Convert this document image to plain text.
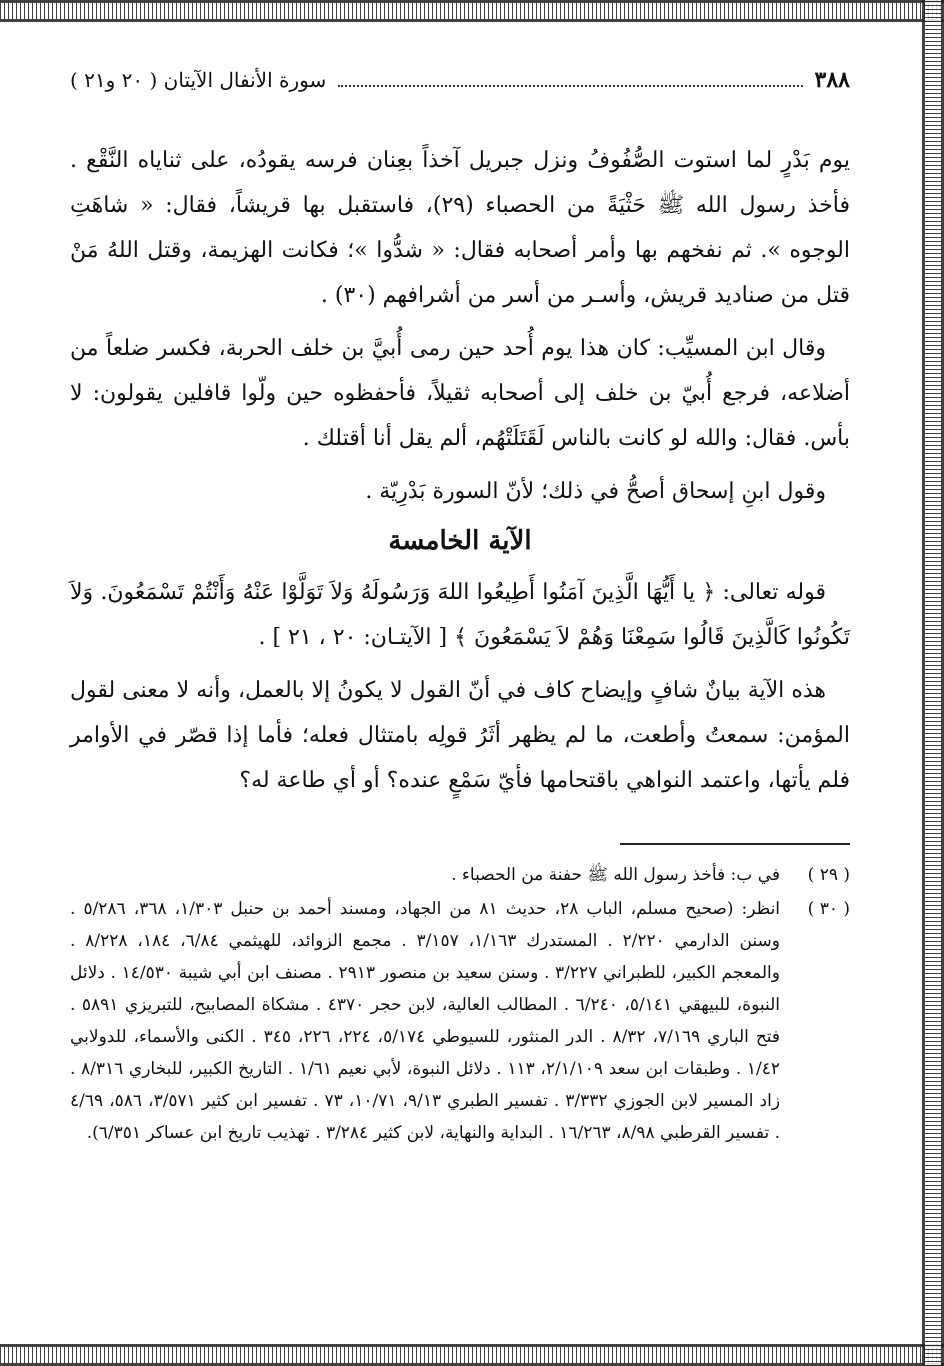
٣٨٨
سورة الأنفال الآيتان ( ٢٠ و٢١ )

يوم بَدْرٍ لما استوت الصُّفُوفُ ونزل جبريل آخذاً بعِنان فرسه يقودُه، على ثناياه النَّقْع . فأخذ رسول الله ﷺ حَثْيَةً من الحصباء (٢٩)، فاستقبل بها قريشاً، فقال: « شاهَتِ الوجوه ». ثم نفخهم بها وأمر أصحابه فقال: « شدُّوا »؛ فكانت الهزيمة، وقتل اللهُ مَنْ قتل من صناديد قريش، وأسـر من أسر من أشرافهم (٣٠) .

وقال ابن المسيِّب: كان هذا يوم أُحد حين رمى أُبيَّ بن خلف الحربة، فكسر ضلعاً من أضلاعه، فرجع أُبيّ بن خلف إلى أصحابه ثقيلاً، فأحفظوه حين ولّوا قافلين يقولون: لا بأس. فقال: والله لو كانت بالناس لَقَتَلَتْهُم، ألم يقل أنا أقتلك .

وقول ابنِ إسحاق أصحُّ في ذلك؛ لأنّ السورة بَدْرِيّة .

الآية الخامسة

قوله تعالى: ﴿ يا أَيُّهَا الَّذِينَ آمَنُوا أَطِيعُوا اللهَ وَرَسُولَهُ وَلاَ تَوَلَّوْا عَنْهُ وَأَنْتُمْ تَسْمَعُونَ. وَلاَ تَكُونُوا كَالَّذِينَ قَالُوا سَمِعْنَا وَهُمْ لاَ يَسْمَعُونَ ﴾ [ الآيتـان: ٢٠ ، ٢١ ] .

هذه الآية بيانٌ شافٍ وإيضاح كاف في أنّ القول لا يكونُ إلا بالعمل، وأنه لا معنى لقول المؤمن: سمعتُ وأطعت، ما لم يظهر أثَرُ قولِه بامتثال فعله؛ فأما إذا قصّر في الأوامر فلم يأتها، واعتمد النواهي باقتحامها فأيّ سَمْعٍ عنده؟ أو أي طاعة له؟

( ٢٩ )
في ب: فأخذ رسول الله ﷺ حفنة من الحصباء .
( ٣٠ )
انظر: (صحيح مسلم، الباب ٢٨، حديث ٨١ من الجهاد، ومسند أحمد بن حنبل ١/٣٠٣، ٣٦٨، ٥/٢٨٦ . وسنن الدارمي ٢/٢٢٠ . المستدرك ١/١٦٣، ٣/١٥٧ . مجمع الزوائد، للهيثمي ٦/٨٤، ١٨٤، ٨/٢٢٨ . والمعجم الكبير، للطبراني ٣/٢٢٧ . وسنن سعيد بن منصور ٢٩١٣ . مصنف ابن أبي شيبة ١٤/٥٣٠ . دلائل النبوة، للبيهقي ٥/١٤١، ٦/٢٤٠ . المطالب العالية، لابن حجر ٤٣٧٠ . مشكاة المصابيح، للتبريزي ٥٨٩١ . فتح الباري ٧/١٦٩، ٨/٣٢ . الدر المنثور، للسيوطي ٥/١٧٤، ٢٢٤، ٢٢٦، ٣٤٥ . الكنى والأسماء، للدولابي ١/٤٢ . وطبقات ابن سعد ٢/١/١٠٩، ١١٣ . دلائل النبوة، لأبي نعيم ١/٦١ . التاريخ الكبير، للبخاري ٨/٣١٦ . زاد المسير لابن الجوزي ٣/٣٣٢ . تفسير الطبري ٩/١٣، ١٠/٧١، ٧٣ . تفسير ابن كثير ٣/٥٧١، ٥٨٦، ٤/٦٩ . تفسير القرطبي ٨/٩٨، ١٦/٢٦٣ . البداية والنهاية، لابن كثير ٣/٢٨٤ . تهذيب تاريخ ابن عساكر ٦/٣٥١).
